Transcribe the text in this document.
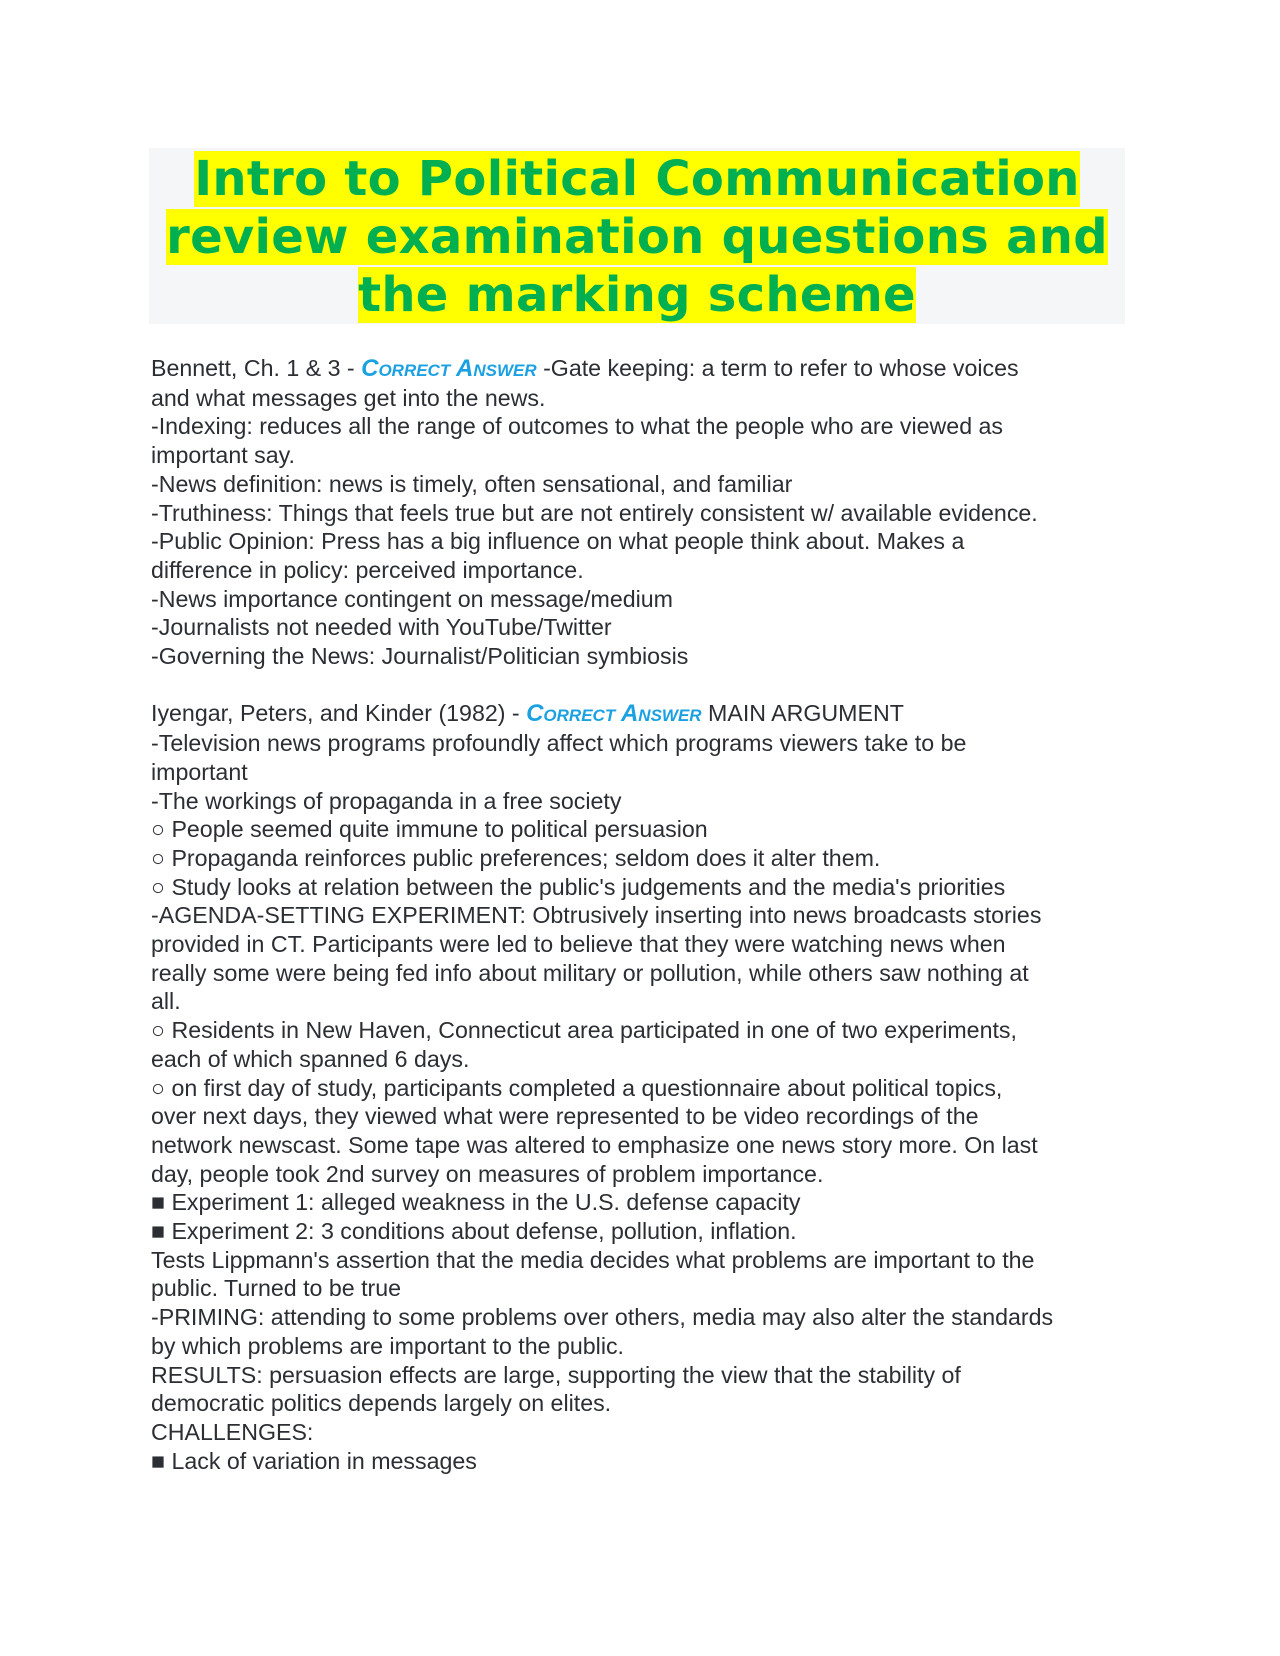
Intro to Political Communication
review examination questions and
the marking scheme
Bennett, Ch. 1 & 3 - Correct Answer -Gate keeping: a term to refer to whose voices
and what messages get into the news.
-Indexing: reduces all the range of outcomes to what the people who are viewed as
important say.
-News definition: news is timely, often sensational, and familiar
-Truthiness: Things that feels true but are not entirely consistent w/ available evidence.
-Public Opinion: Press has a big influence on what people think about. Makes a
difference in policy: perceived importance.
-News importance contingent on message/medium
-Journalists not needed with YouTube/Twitter
-Governing the News: Journalist/Politician symbiosis
Iyengar, Peters, and Kinder (1982) - Correct Answer MAIN ARGUMENT
-Television news programs profoundly affect which programs viewers take to be
important
-The workings of propaganda in a free society
○ People seemed quite immune to political persuasion
○ Propaganda reinforces public preferences; seldom does it alter them.
○ Study looks at relation between the public's judgements and the media's priorities
-AGENDA-SETTING EXPERIMENT: Obtrusively inserting into news broadcasts stories
provided in CT. Participants were led to believe that they were watching news when
really some were being fed info about military or pollution, while others saw nothing at
all.
○ Residents in New Haven, Connecticut area participated in one of two experiments,
each of which spanned 6 days.
○ on first day of study, participants completed a questionnaire about political topics,
over next days, they viewed what were represented to be video recordings of the
network newscast. Some tape was altered to emphasize one news story more. On last
day, people took 2nd survey on measures of problem importance.
■ Experiment 1: alleged weakness in the U.S. defense capacity
■ Experiment 2: 3 conditions about defense, pollution, inflation.
Tests Lippmann's assertion that the media decides what problems are important to the
public. Turned to be true
-PRIMING: attending to some problems over others, media may also alter the standards
by which problems are important to the public.
RESULTS: persuasion effects are large, supporting the view that the stability of
democratic politics depends largely on elites.
CHALLENGES:
■ Lack of variation in messages
